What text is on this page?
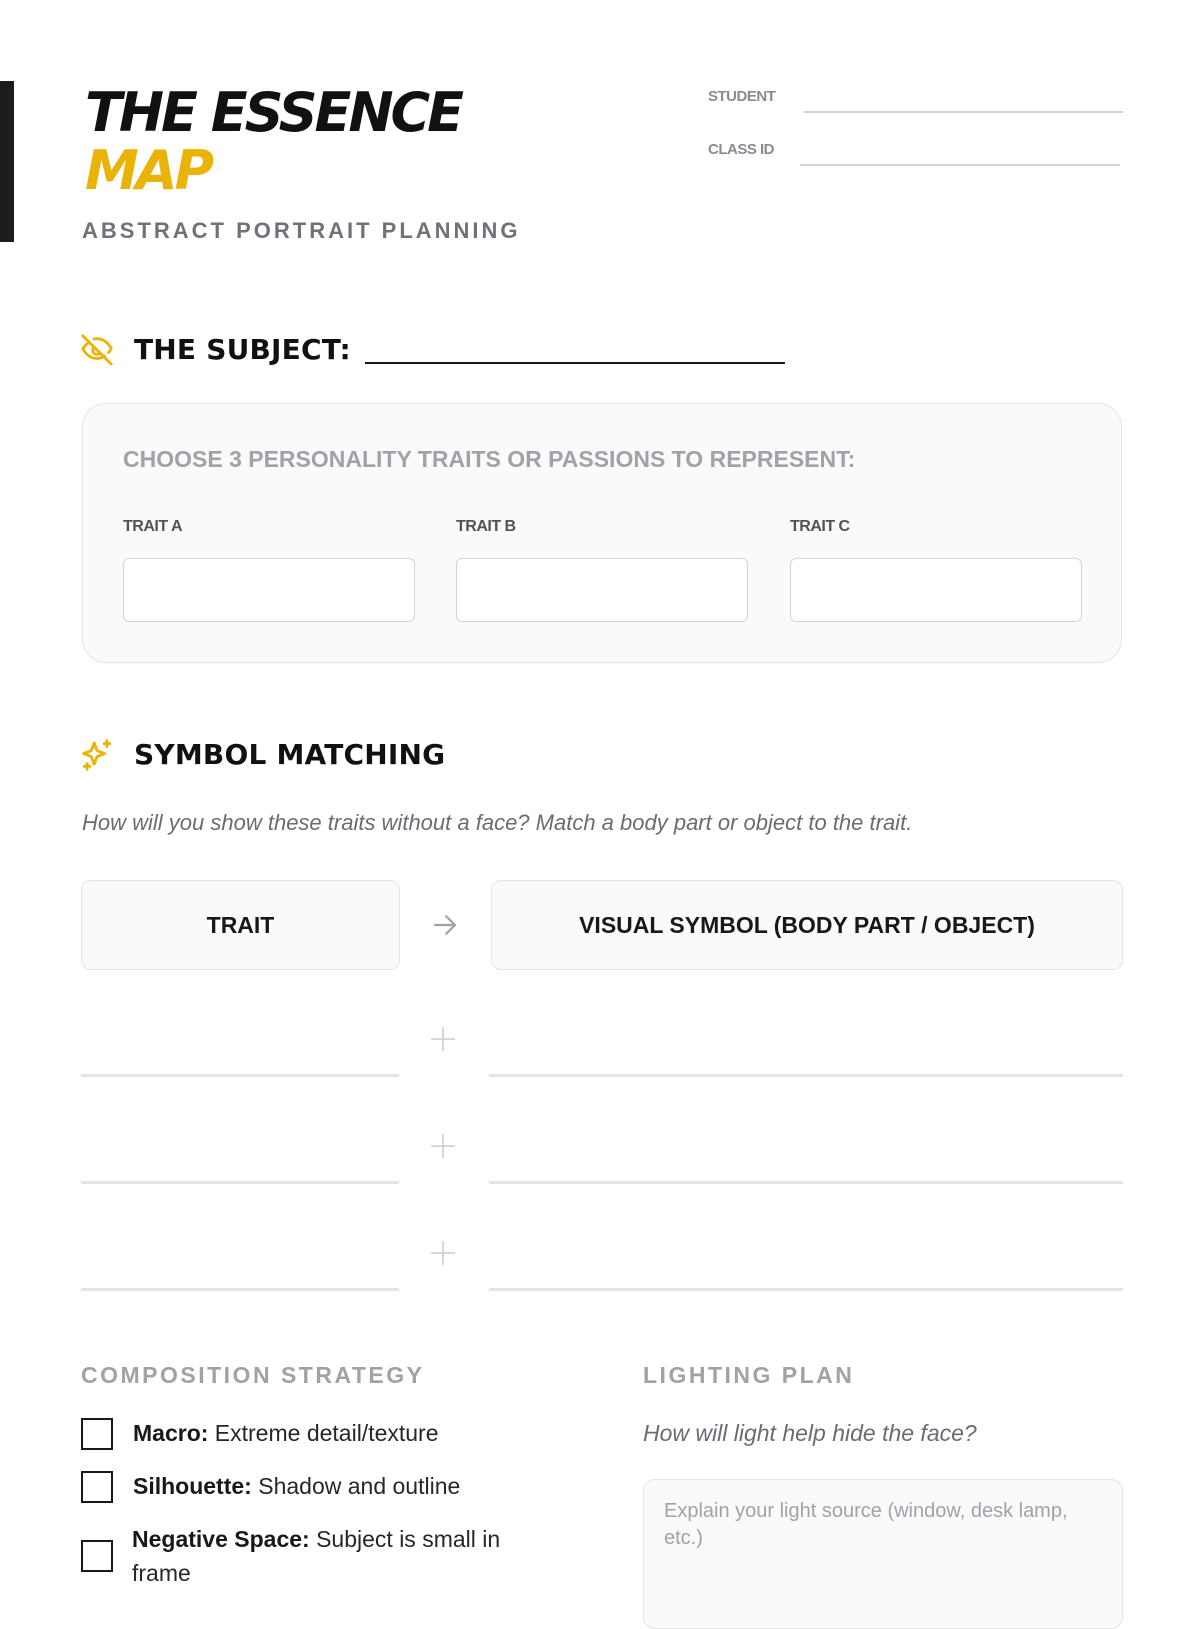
THE ESSENCE
MAP
ABSTRACT PORTRAIT PLANNING
STUDENT
CLASS ID
THE SUBJECT:
CHOOSE 3 PERSONALITY TRAITS OR PASSIONS TO REPRESENT:
TRAIT A	TRAIT B	TRAIT C
SYMBOL MATCHING
How will you show these traits without a face? Match a body part or object to the trait.
TRAIT	VISUAL SYMBOL (BODY PART / OBJECT)
COMPOSITION STRATEGY
Macro: Extreme detail/texture
Silhouette: Shadow and outline
Negative Space: Subject is small in frame
LIGHTING PLAN
How will light help hide the face?
Explain your light source (window, desk lamp, etc.)
